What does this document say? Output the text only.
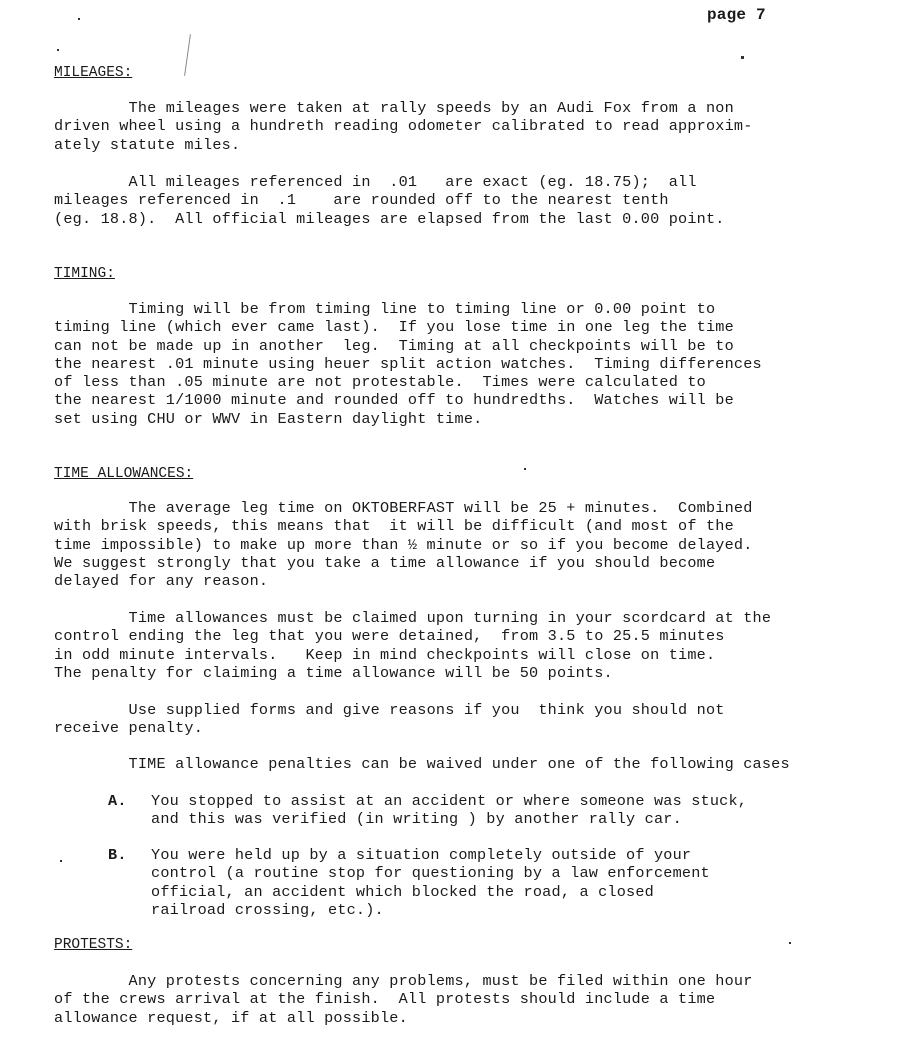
page 7
MILEAGES:
The mileages were taken at rally speeds by an Audi Fox from a non
driven wheel using a hundreth reading odometer calibrated to read approxim-
ately statute miles.
All mileages referenced in  .01   are exact (eg. 18.75);  all
mileages referenced in  .1    are rounded off to the nearest tenth
(eg. 18.8).  All official mileages are elapsed from the last 0.00 point.
TIMING:
Timing will be from timing line to timing line or 0.00 point to
timing line (which ever came last).  If you lose time in one leg the time
can not be made up in another  leg.  Timing at all checkpoints will be to
the nearest .01 minute using heuer split action watches.  Timing differences
of less than .05 minute are not protestable.  Times were calculated to
the nearest 1/1000 minute and rounded off to hundredths.  Watches will be
set using CHU or WWV in Eastern daylight time.
TIME ALLOWANCES:
The average leg time on OKTOBERFAST will be 25 + minutes.  Combined
with brisk speeds, this means that  it will be difficult (and most of the
time impossible) to make up more than ½ minute or so if you become delayed.
We suggest strongly that you take a time allowance if you should become
delayed for any reason.
Time allowances must be claimed upon turning in your scordcard at the
control ending the leg that you were detained,  from 3.5 to 25.5 minutes
in odd minute intervals.   Keep in mind checkpoints will close on time.
The penalty for claiming a time allowance will be 50 points.
Use supplied forms and give reasons if you  think you should not
receive penalty.
TIME allowance penalties can be waived under one of the following cases
A. You stopped to assist at an accident or where someone was stuck,
and this was verified (in writing ) by another rally car.
B. You were held up by a situation completely outside of your
control (a routine stop for questioning by a law enforcement
official, an accident which blocked the road, a closed
railroad crossing, etc.).
PROTESTS:
Any protests concerning any problems, must be filed within one hour
of the crews arrival at the finish.  All protests should include a time
allowance request, if at all possible.
